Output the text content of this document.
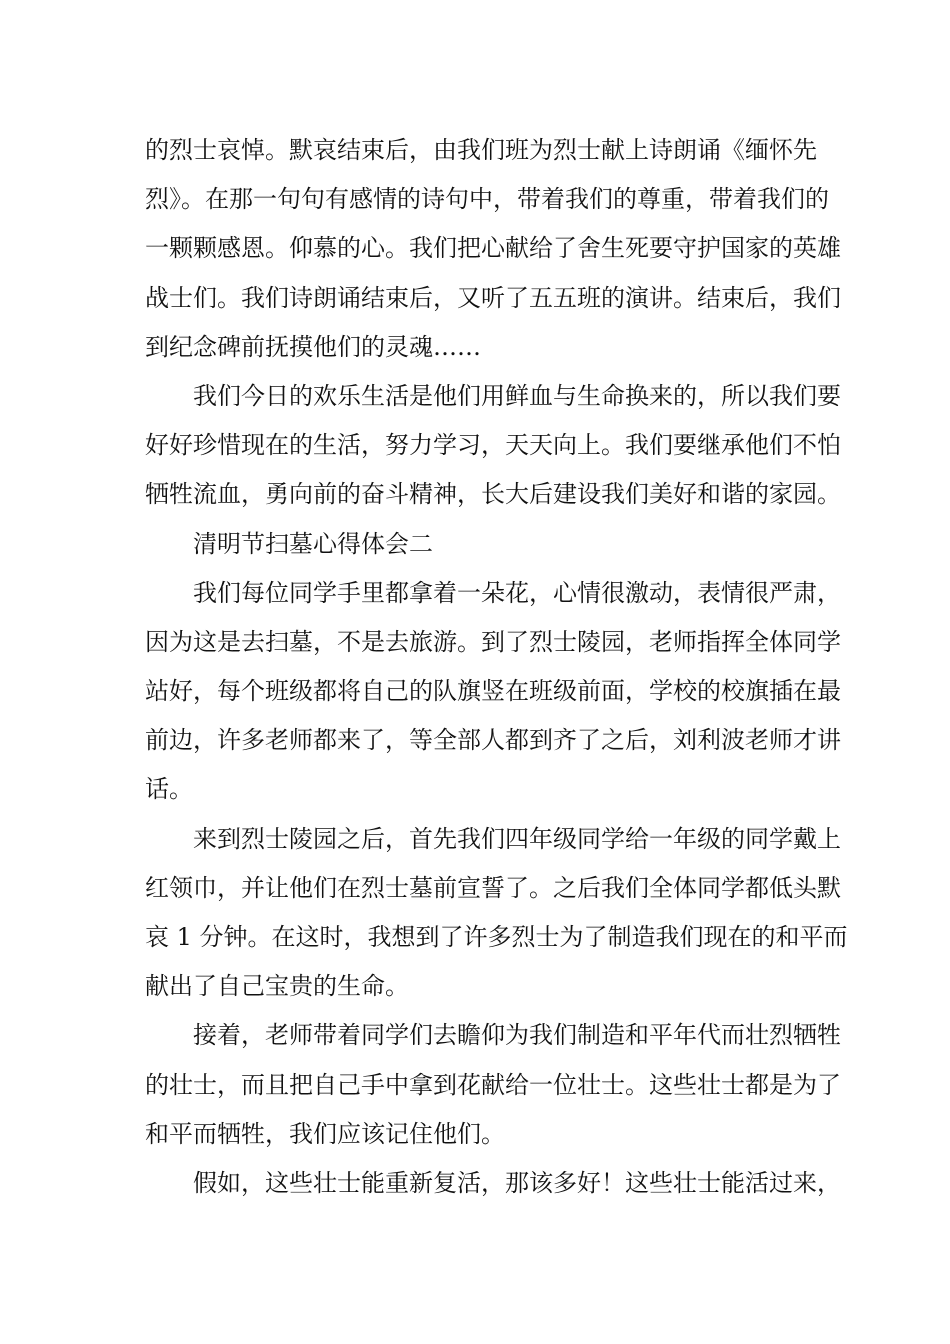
的烈士哀悼。默哀结束后，由我们班为烈士献上诗朗诵《缅怀先
烈》。在那一句句有感情的诗句中，带着我们的尊重，带着我们的
一颗颗感恩。仰慕的心。我们把心献给了舍生死要守护国家的英雄
战士们。我们诗朗诵结束后，又听了五五班的演讲。结束后，我们
到纪念碑前抚摸他们的灵魂……
我们今日的欢乐生活是他们用鲜血与生命换来的，所以我们要
好好珍惜现在的生活，努力学习，天天向上。我们要继承他们不怕
牺牲流血，勇向前的奋斗精神，长大后建设我们美好和谐的家园。
清明节扫墓心得体会二
我们每位同学手里都拿着一朵花，心情很激动，表情很严肃，
因为这是去扫墓，不是去旅游。到了烈士陵园，老师指挥全体同学
站好，每个班级都将自己的队旗竖在班级前面，学校的校旗插在最
前边，许多老师都来了，等全部人都到齐了之后，刘利波老师才讲
话。
来到烈士陵园之后，首先我们四年级同学给一年级的同学戴上
红领巾，并让他们在烈士墓前宣誓了。之后我们全体同学都低头默
哀 1 分钟。在这时，我想到了许多烈士为了制造我们现在的和平而
献出了自己宝贵的生命。
接着，老师带着同学们去瞻仰为我们制造和平年代而壮烈牺牲
的壮士，而且把自己手中拿到花献给一位壮士。这些壮士都是为了
和平而牺牲，我们应该记住他们。
假如，这些壮士能重新复活，那该多好！这些壮士能活过来，
